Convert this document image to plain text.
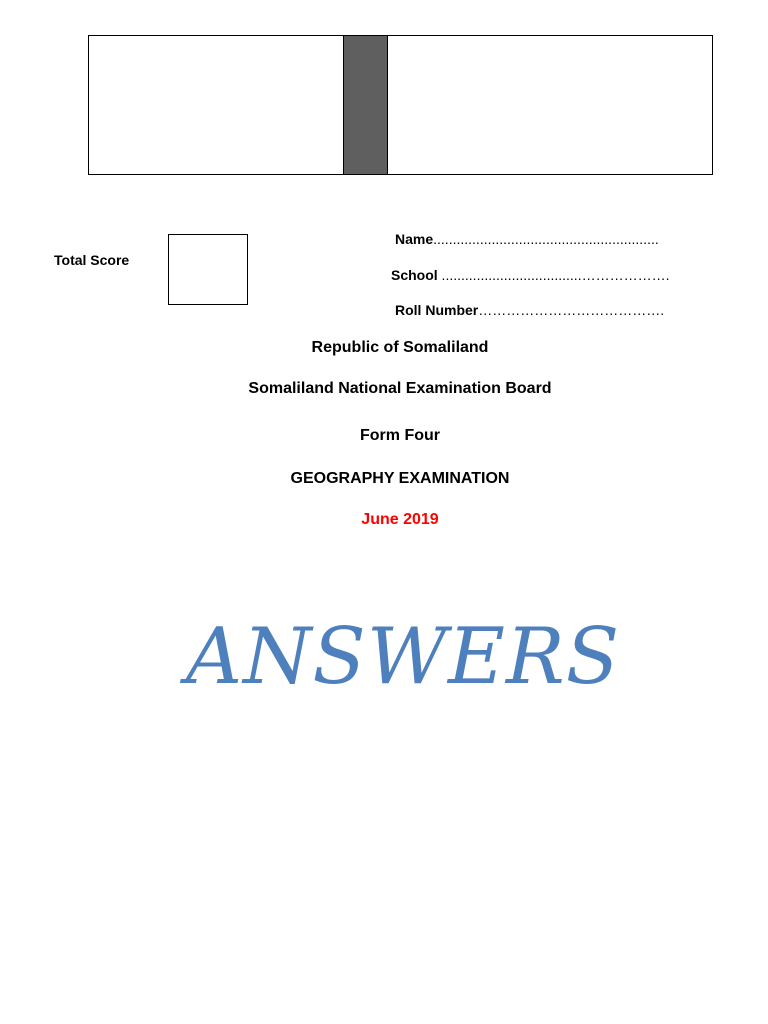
Total Score
Name..........................................................
School ....................................……………….
Roll Number………………………………….
Republic of Somaliland
Somaliland National Examination Board
Form Four
GEOGRAPHY EXAMINATION
June 2019
ANSWERS
